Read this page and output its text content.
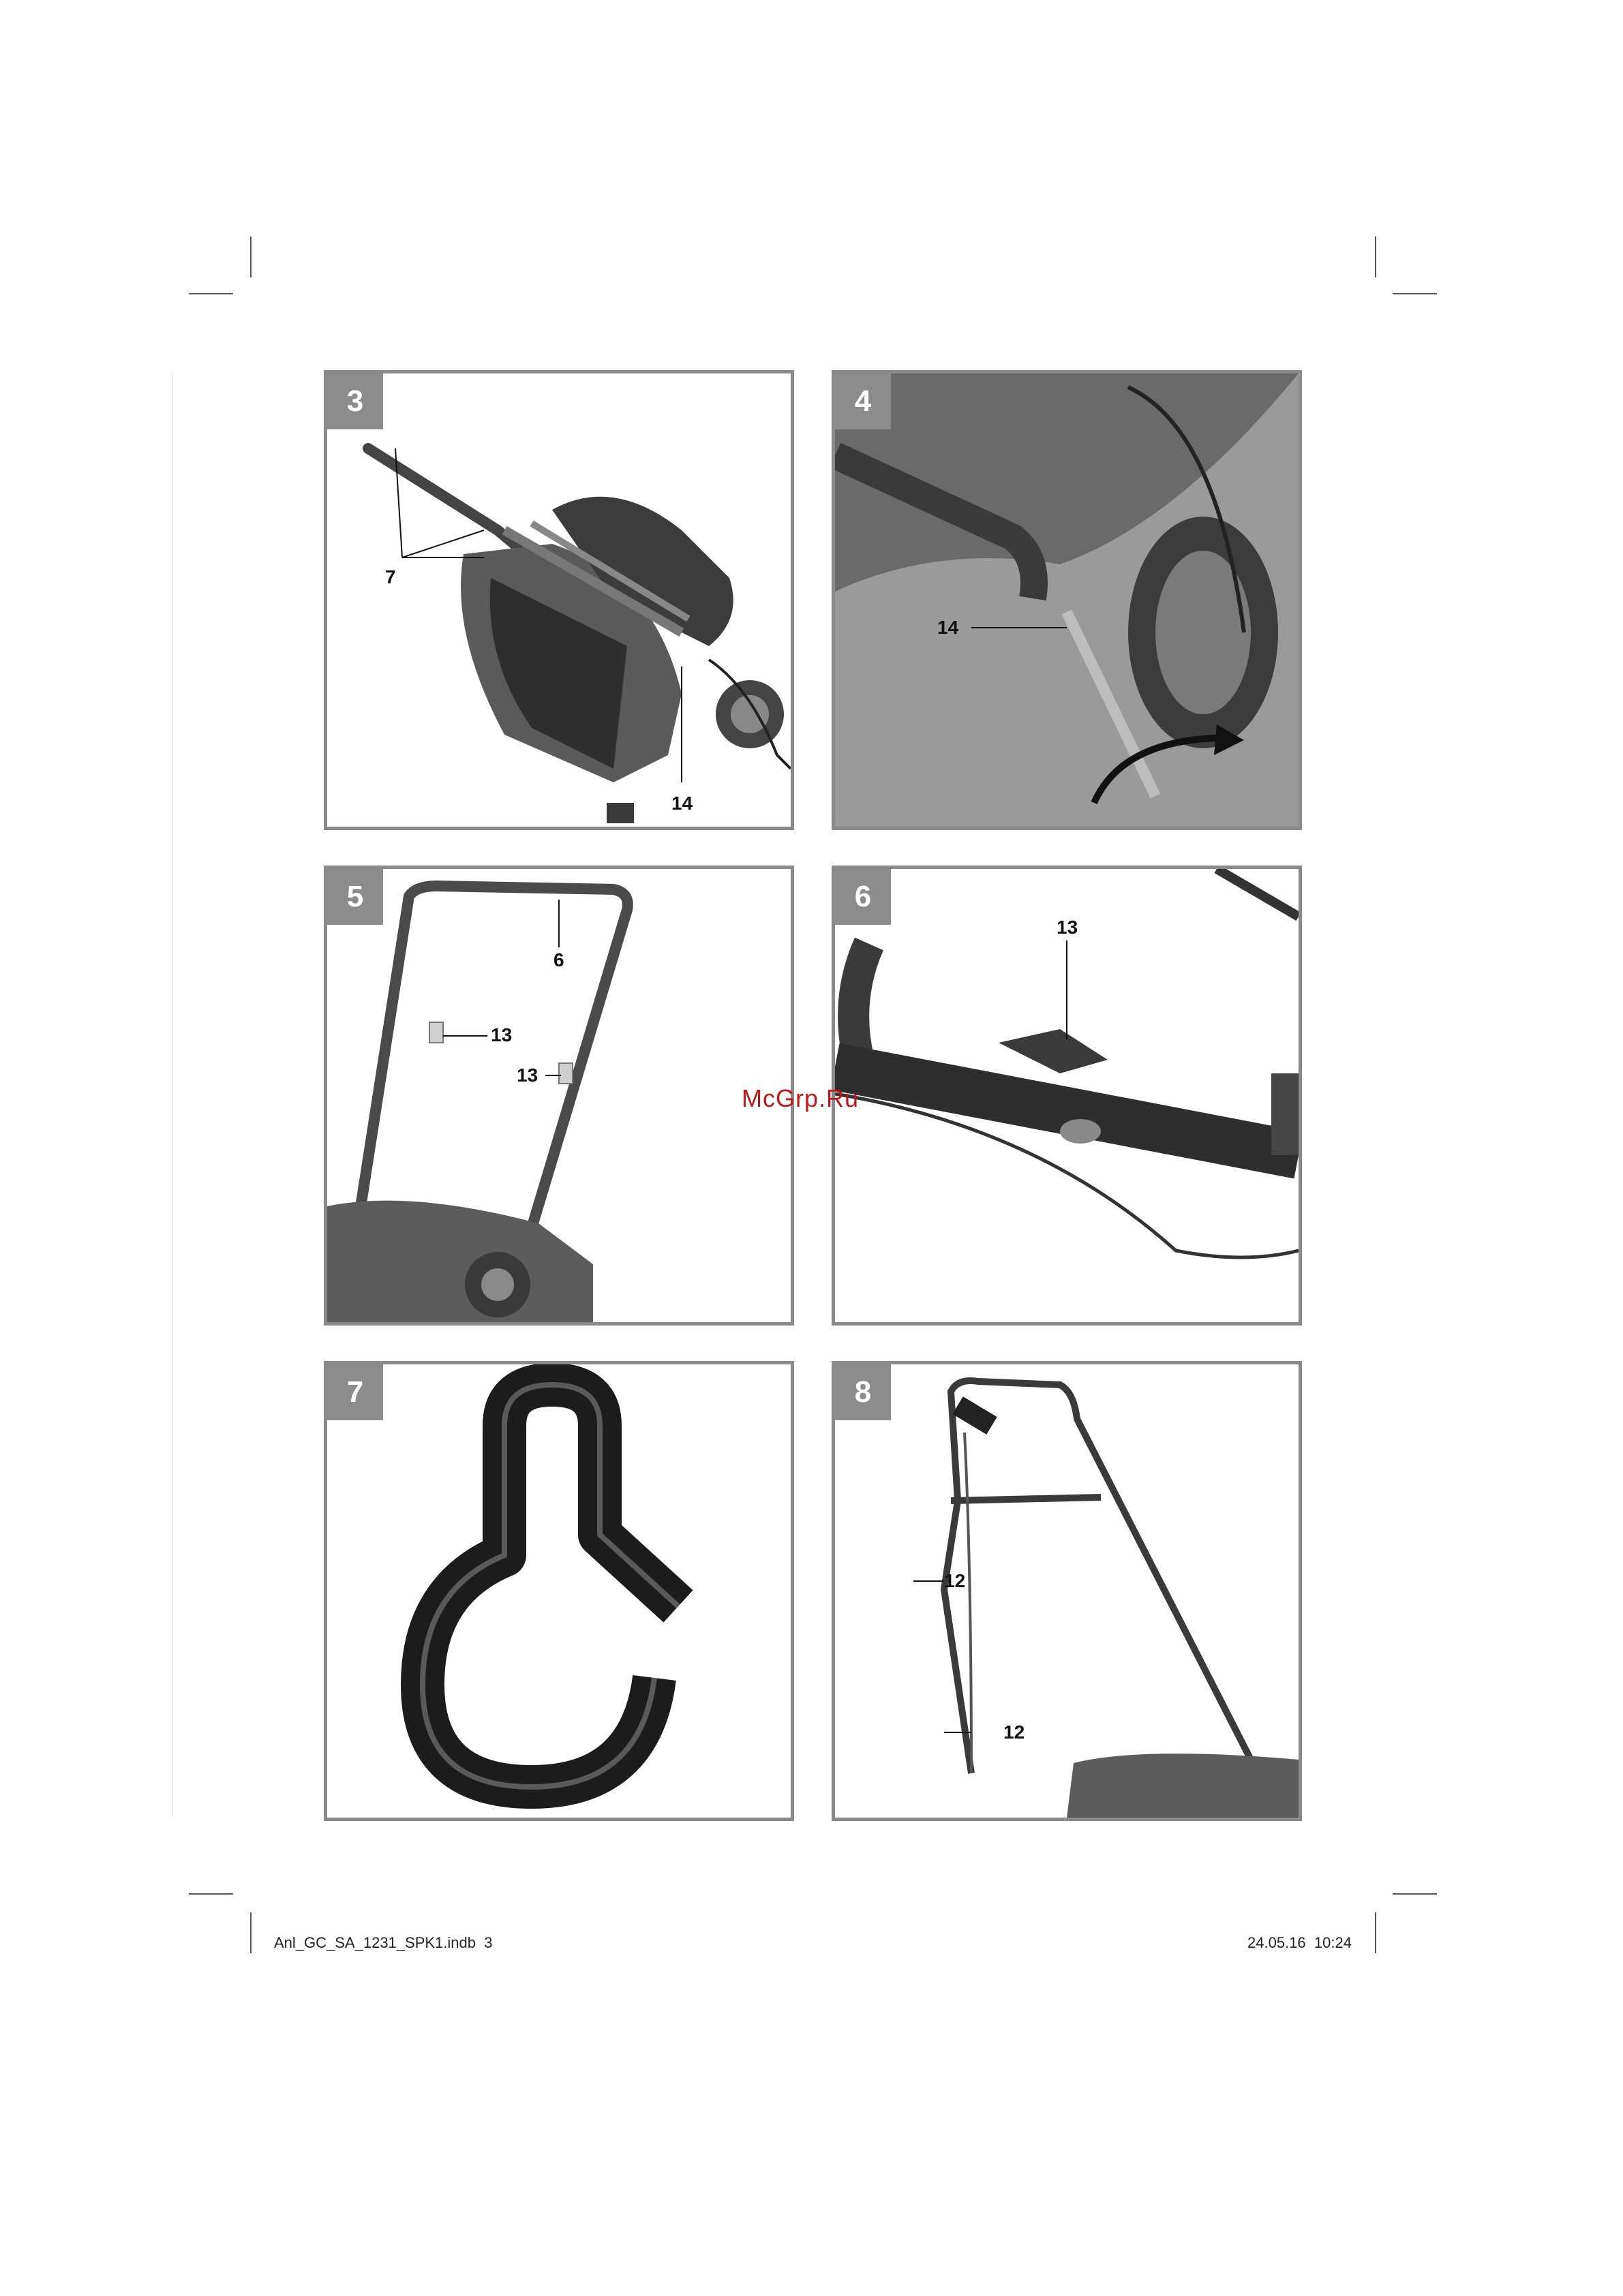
3
7
14
4
14
5
6
13
13
6
13
7	8
12
12
McGrp.Ru
Anl_GC_SA_1231_SPK1.indb 3	24.05.16 10:24
